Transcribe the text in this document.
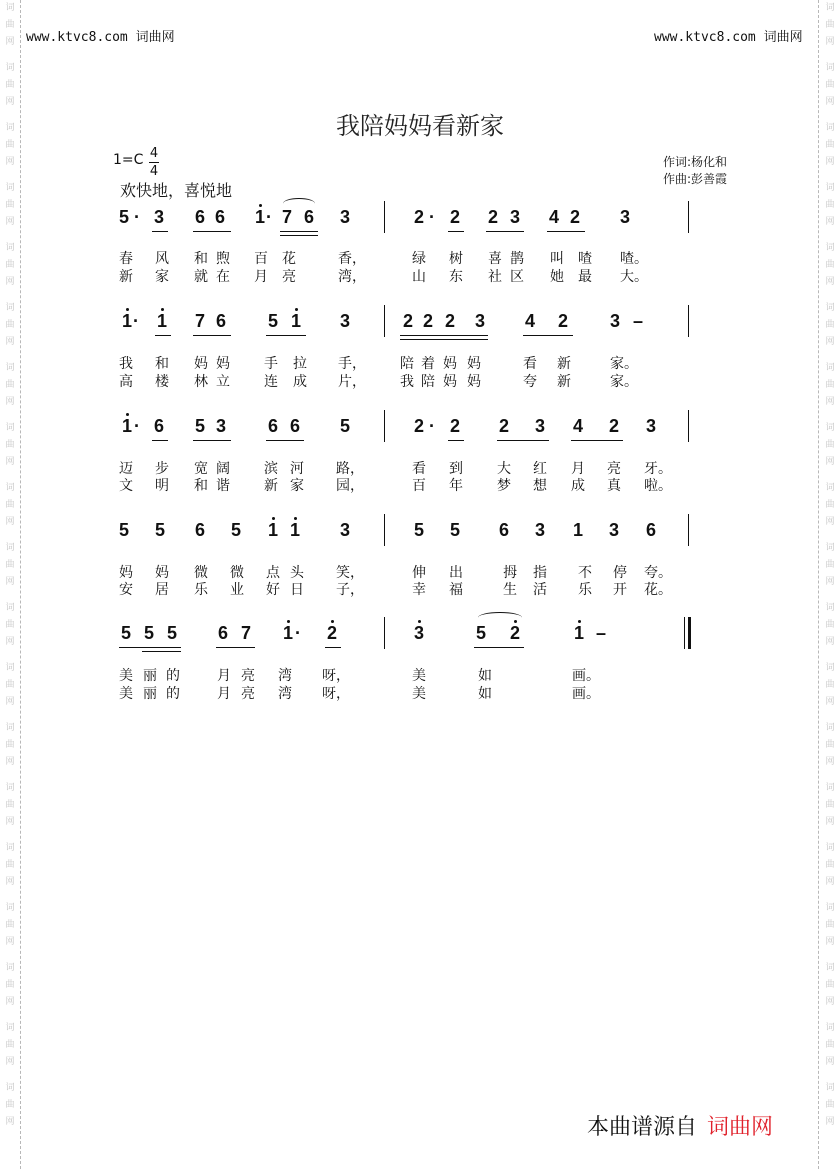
词
曲
网
词
曲
网
词
曲
网
词
曲
网
词
曲
网
词
曲
网
词
曲
网
词
曲
网
词
曲
网
词
曲
网
词
曲
网
词
曲
网
词
曲
网
词
曲
网
词
曲
网
词
曲
网
词
曲
网
词
曲
网
词
曲
网
词
曲
网
词
曲
网
词
曲
网
词
曲
网
词
曲
网
词
曲
网
词
曲
网
词
曲
网
词
曲
网
词
曲
网
词
曲
网
词
曲
网
词
曲
网
词
曲
网
词
曲
网
词
曲
网
词
曲
网
词
曲
网
词
曲
网
www.ktvc8.com 词曲网	www.ktvc8.com 词曲网
我陪妈妈看新家
1=C 4
4
欢快地，喜悦地
作词:杨化和
作曲:彭善霞
5 · 3 6 6 1 · 7 6 3	2 · 2 2 3 4 2 3
春 风 和 煦 百 花	香，	绿 树 喜 鹊 叫 喳 喳。
新 家 就 在 月 亮	湾，	山 东 社 区 她 最 大。
1 · 1 7 6 5 1 3	2 2 2 3 4 2 3 –
我 和 妈 妈 手 拉 手， 陪 着 妈 妈	看 新	家。
高 楼 林 立 连 成 片， 我 陪 妈 妈	夸 新	家。
1 · 6 5 3 6 6 5	2 · 2 2 3 4 2 3
迈 步 宽 阔 滨 河 路，	看 到 大 红 月 亮 牙。
文 明 和 谐 新 家 园，	百 年 梦 想 成 真 啦。
5 5 6 5 1 1 3	5 5 6 3 1 3 6
妈 妈 微 微 点 头 笑，	伸 出	拇 指 不 停 夸。
安 居 乐 业 好 日 子，	幸 福	生 活 乐 开 花。
5 5 5 6 7 1 · 2	3	5 2	1 –
美 丽 的	月 亮 湾 呀，	美	如	画。
美 丽 的	月 亮 湾 呀，	美	如	画。
本曲谱源自 词曲网
